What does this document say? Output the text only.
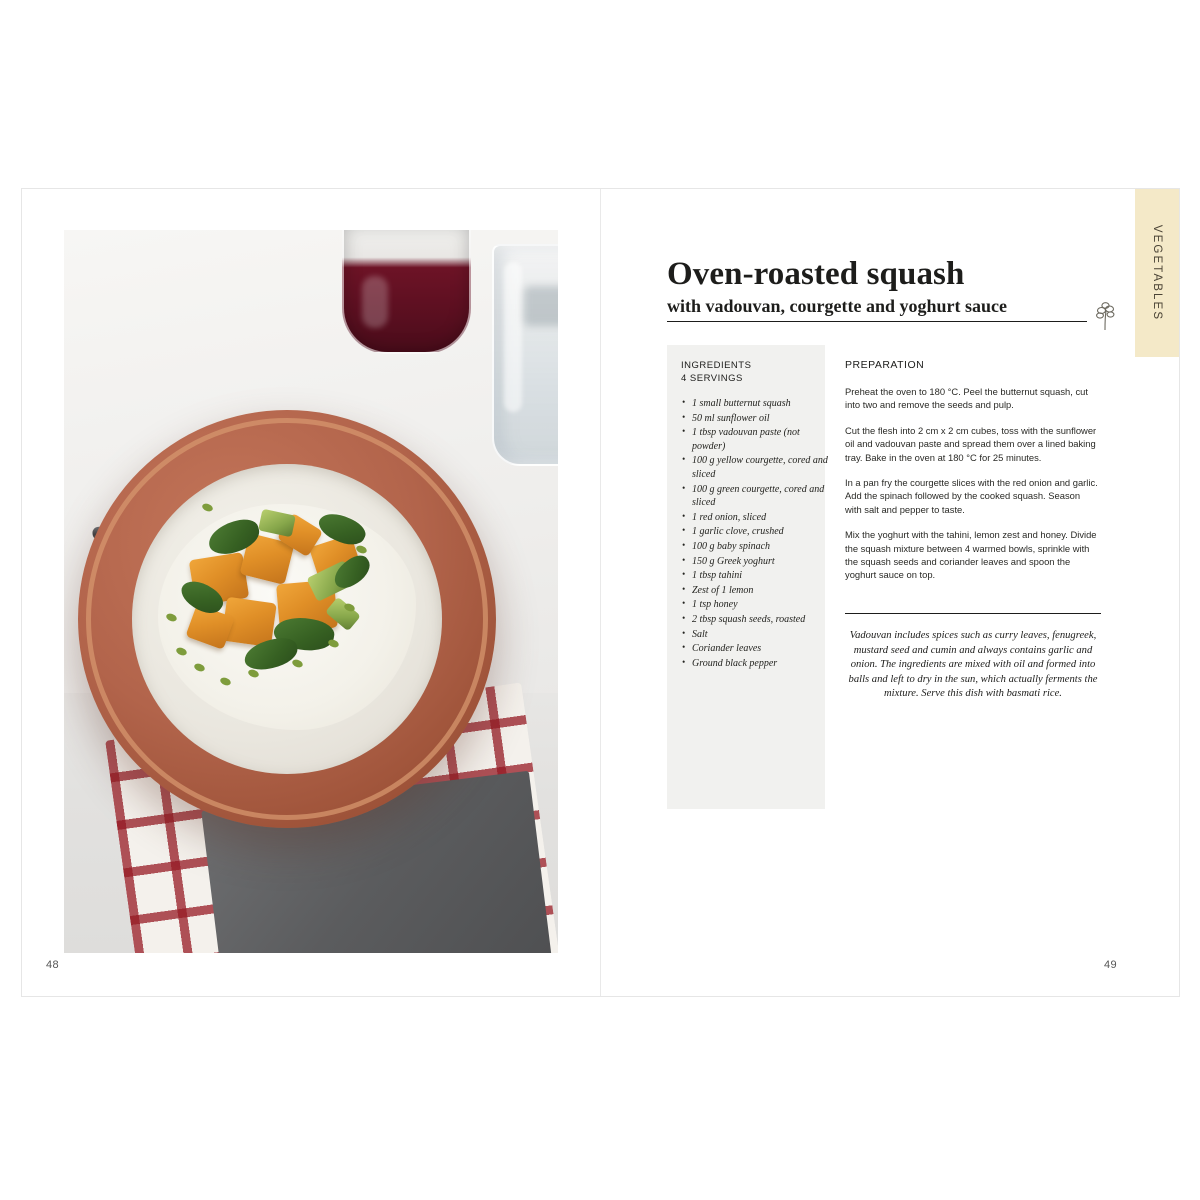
48
VEGETABLES
Oven-roasted squash
with vadouvan, courgette and yoghurt sauce
INGREDIENTS
4 SERVINGS
• 1 small butternut squash
• 50 ml sunflower oil
• 1 tbsp vadouvan paste (not powder)
• 100 g yellow courgette, cored and sliced
• 100 g green courgette, cored and sliced
• 1 red onion, sliced
• 1 garlic clove, crushed
• 100 g baby spinach
• 150 g Greek yoghurt
• 1 tbsp tahini
• Zest of 1 lemon
• 1 tsp honey
• 2 tbsp squash seeds, roasted
• Salt
• Coriander leaves
• Ground black pepper
PREPARATION

Preheat the oven to 180 °C. Peel the butternut squash, cut into two and remove the seeds and pulp.

Cut the flesh into 2 cm x 2 cm cubes, toss with the sunflower oil and vadouvan paste and spread them over a lined baking tray. Bake in the oven at 180 °C for 25 minutes.

In a pan fry the courgette slices with the red onion and garlic. Add the spinach followed by the cooked squash. Season with salt and pepper to taste.

Mix the yoghurt with the tahini, lemon zest and honey. Divide the squash mixture between 4 warmed bowls, sprinkle with the squash seeds and coriander leaves and spoon the yoghurt sauce on top.

Vadouvan includes spices such as curry leaves, fenugreek, mustard seed and cumin and always contains garlic and onion. The ingredients are mixed with oil and formed into balls and left to dry in the sun, which actually ferments the mixture. Serve this dish with basmati rice.
49
